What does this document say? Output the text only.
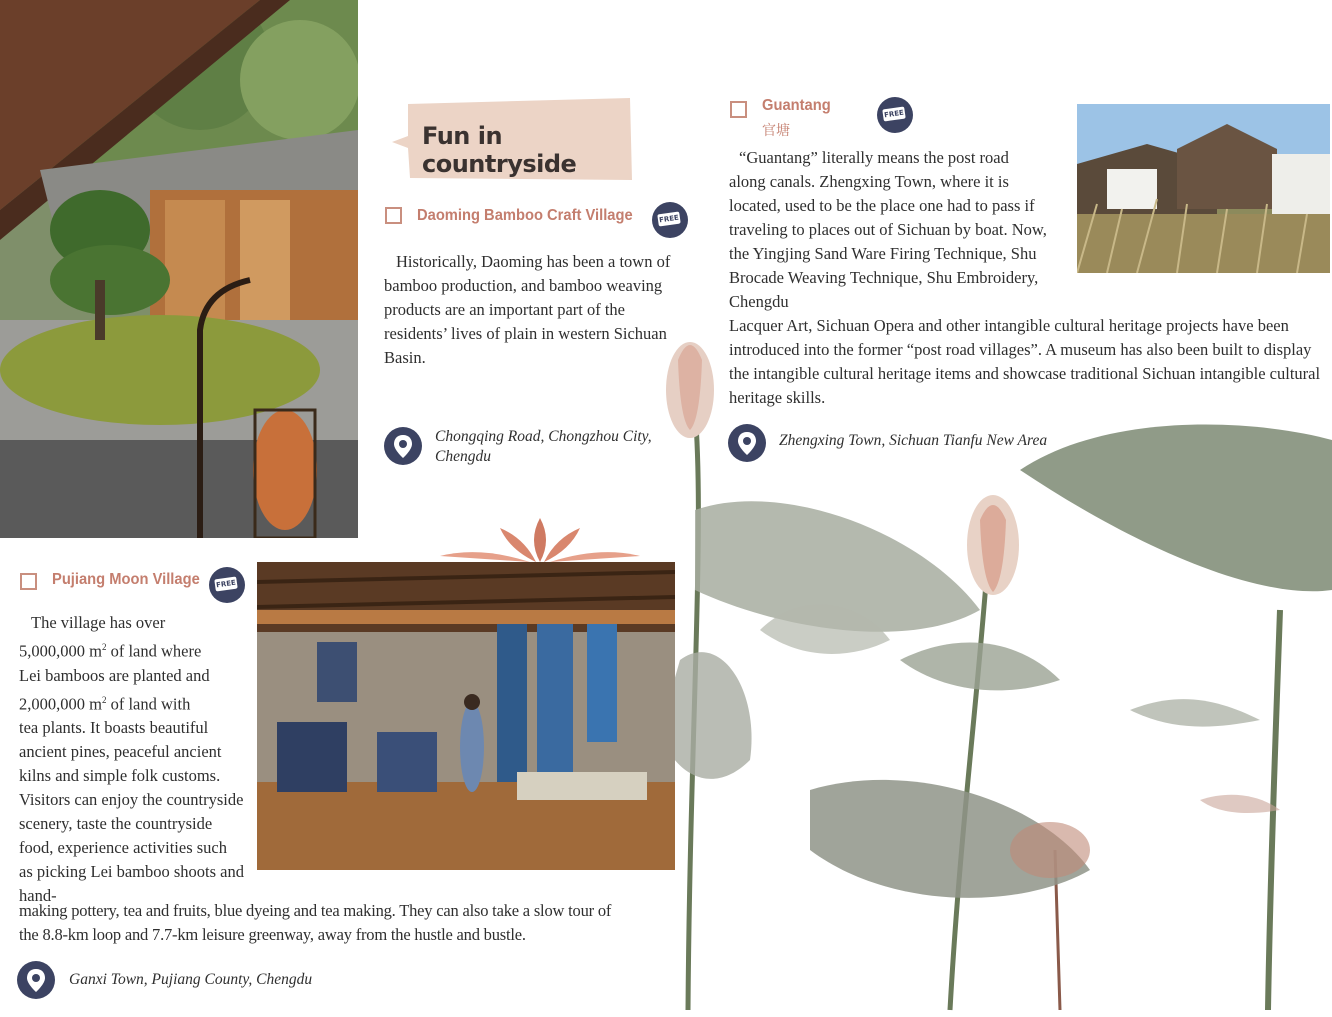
Fun in countryside
Daoming Bamboo Craft Village	FREE
Historically, Daoming has been a town of bamboo production, and bamboo weaving products are an important part of the residents’ lives of plain in western Sichuan Basin.
Chongqing Road, Chongzhou City,
Chengdu
Guantang
官塘
FREE
“Guantang” literally means the post road along canals. Zhengxing Town, where it is located, used to be the place one had to pass if traveling to places out of Sichuan by boat. Now, the Yingjing Sand Ware Firing Technique, Shu Brocade Weaving Technique, Shu Embroidery, Chengdu
Lacquer Art, Sichuan Opera and other intangible cultural heritage projects have been introduced into the former “post road villages”. A museum has also been built to display the intangible cultural heritage items and showcase traditional Sichuan intangible cultural heritage skills.
Zhengxing Town, Sichuan Tianfu New Area
Pujiang Moon Village FREE
The village has over
5,000,000 $m^2$ of land where
Lei bamboos are planted and
2,000,000 $m^2$ of land with
tea plants. It boasts beautiful ancient pines, peaceful ancient kilns and simple folk customs. Visitors can enjoy the countryside scenery, taste the countryside food, experience activities such as picking Lei bamboo shoots and hand-
making pottery, tea and fruits, blue dyeing and tea making. They can also take a slow tour of the 8.8-km loop and 7.7-km leisure greenway, away from the hustle and bustle.
Ganxi Town, Pujiang County, Chengdu
